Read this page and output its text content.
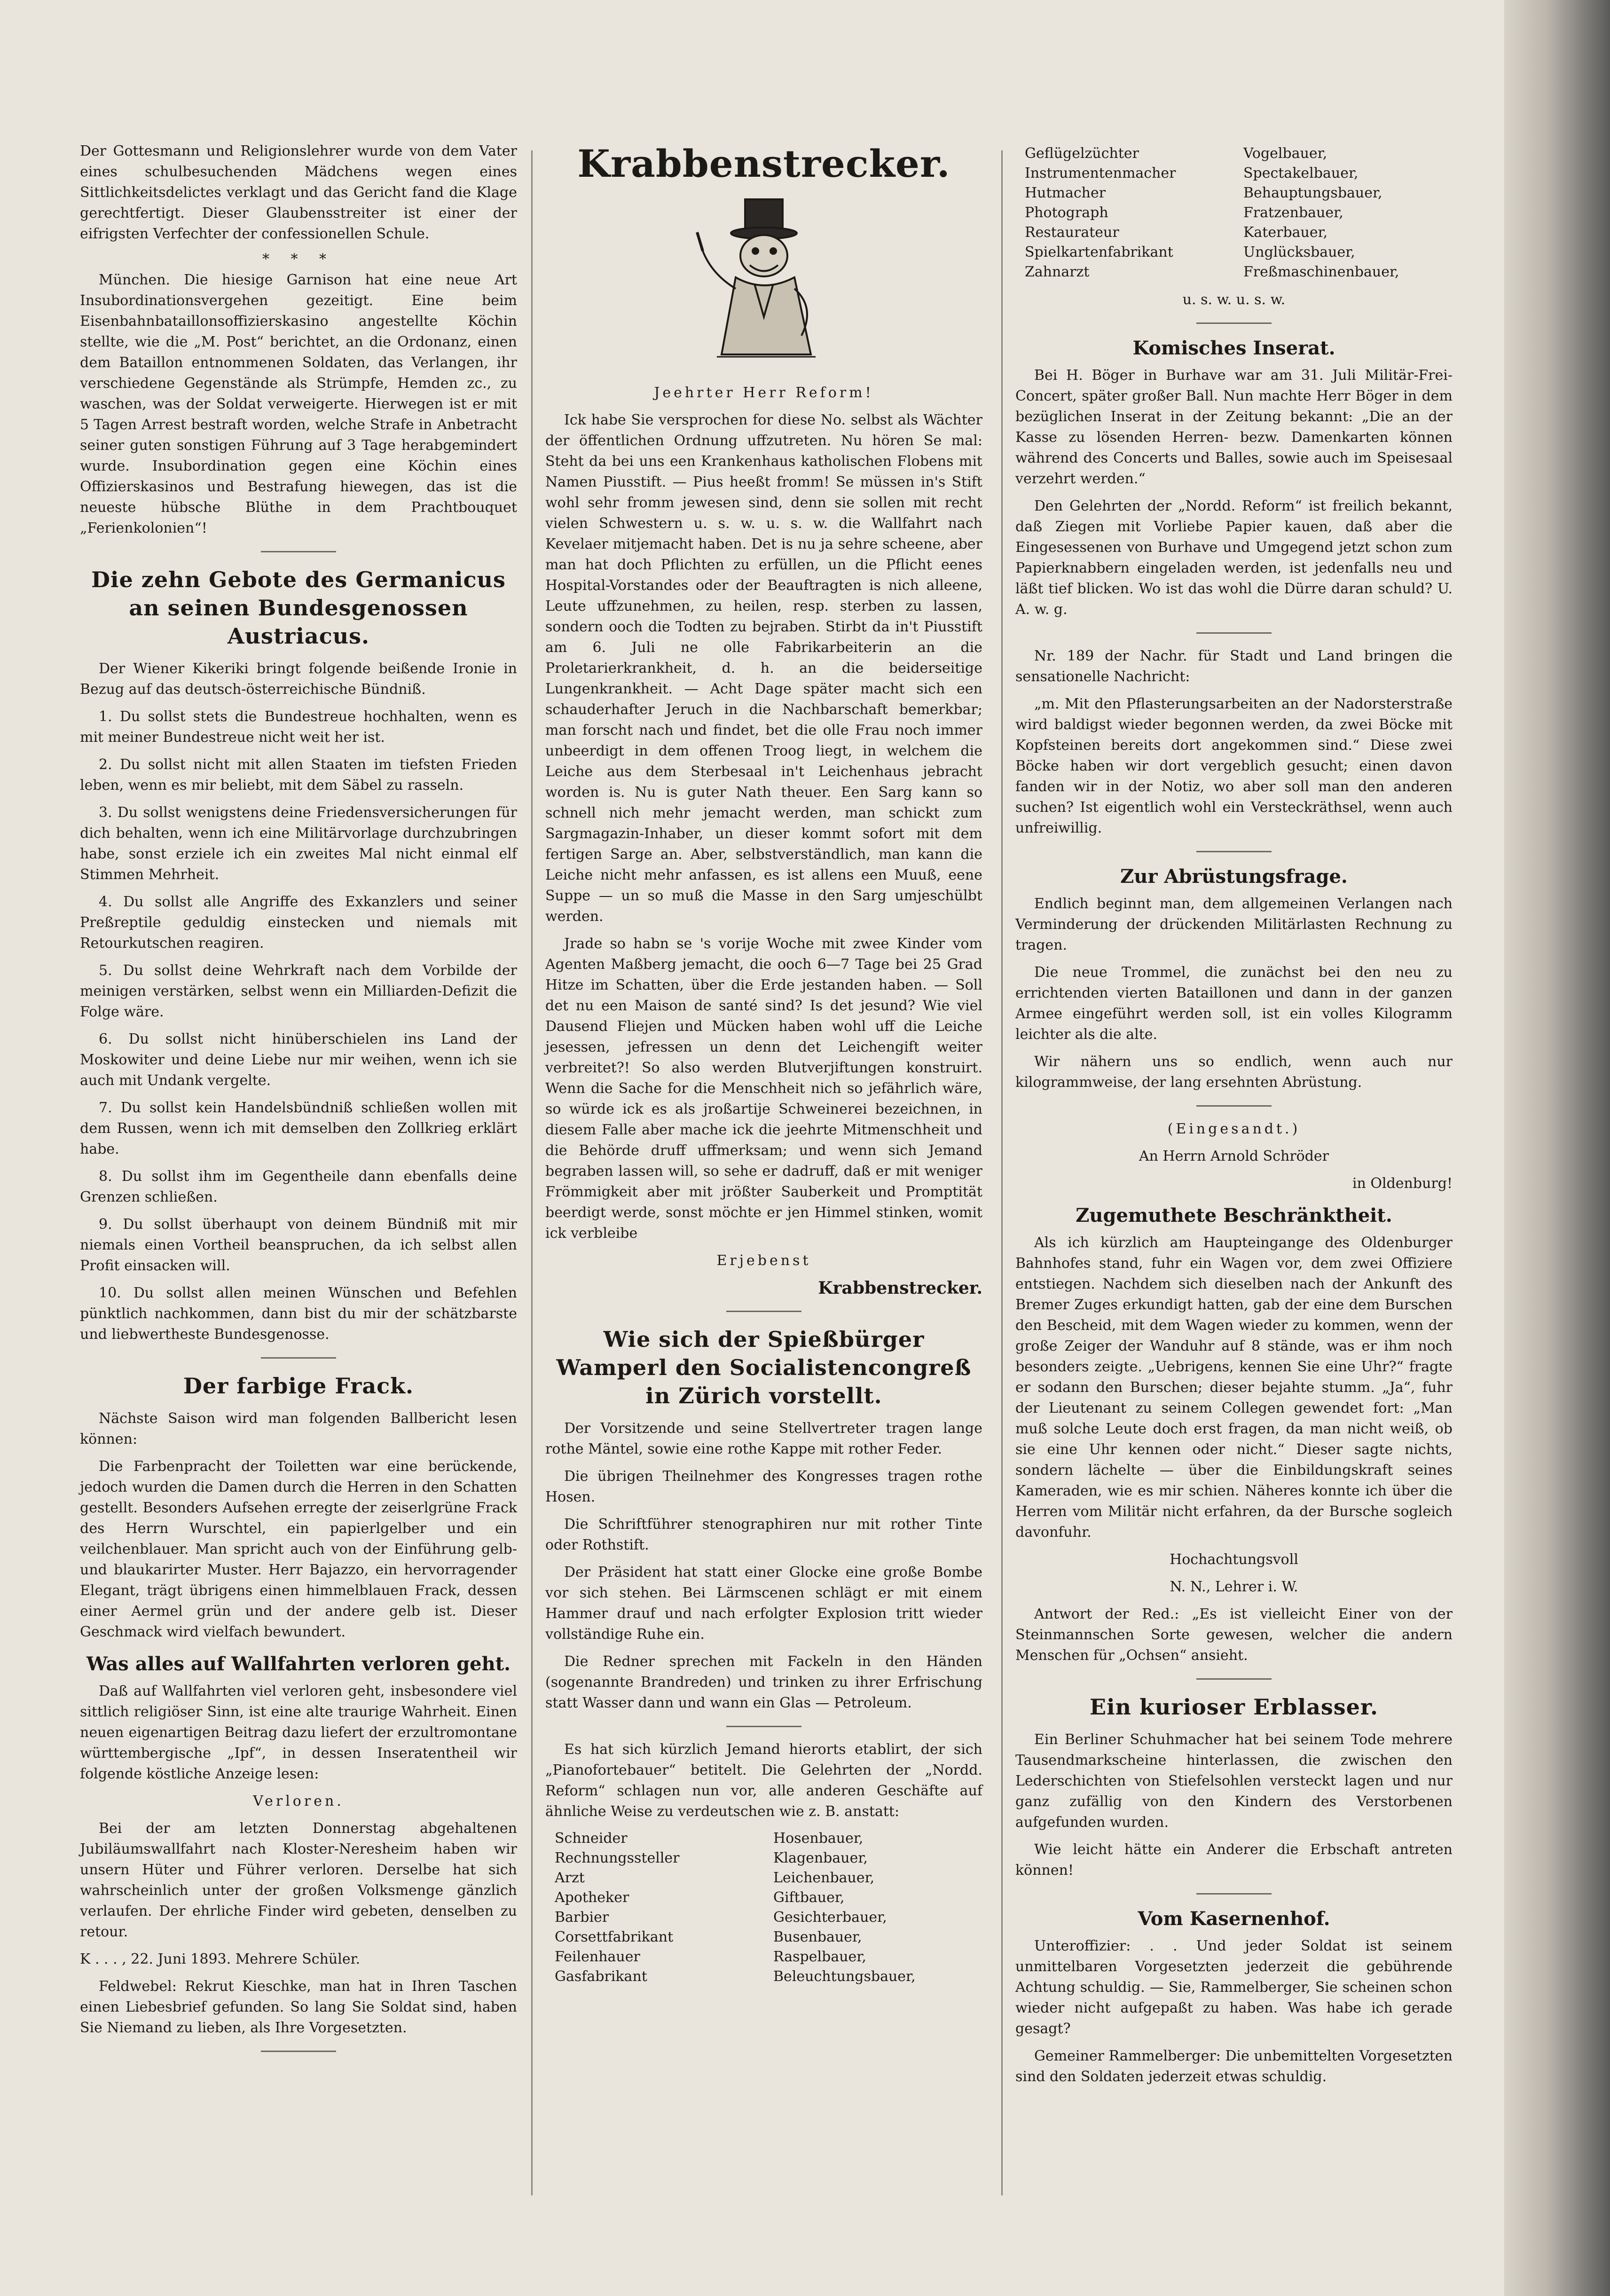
Der Gottesmann und Religionslehrer wurde von dem Vater eines schulbesuchenden Mädchens wegen eines Sittlichkeitsdelictes verklagt und das Gericht fand die Klage gerechtfertigt. Dieser Glaubensstreiter ist einer der eifrigsten Verfechter der confessionellen Schule.

* * *

München. Die hiesige Garnison hat eine neue Art Insubordinationsvergehen gezeitigt. Eine beim Eisenbahnbataillonsoffizierskasino angestellte Köchin stellte, wie die „M. Post“ berichtet, an die Ordonanz, einen dem Bataillon entnommenen Soldaten, das Verlangen, ihr verschiedene Gegenstände als Strümpfe, Hemden zc., zu waschen, was der Soldat verweigerte. Hierwegen ist er mit 5 Tagen Arrest bestraft worden, welche Strafe in Anbetracht seiner guten sonstigen Führung auf 3 Tage herabgemindert wurde. Insubordination gegen eine Köchin eines Offizierskasinos und Bestrafung hiewegen, das ist die neueste hübsche Blüthe in dem Prachtbouquet „Ferienkolonien“!

Die zehn Gebote des Germanicus an seinen Bundesgenossen Austriacus.

Der Wiener Kikeriki bringt folgende beißende Ironie in Bezug auf das deutsch-österreichische Bündniß.

1. Du sollst stets die Bundestreue hochhalten, wenn es mit meiner Bundestreue nicht weit her ist.

2. Du sollst nicht mit allen Staaten im tiefsten Frieden leben, wenn es mir beliebt, mit dem Säbel zu rasseln.

3. Du sollst wenigstens deine Friedensversicherungen für dich behalten, wenn ich eine Militärvorlage durchzubringen habe, sonst erziele ich ein zweites Mal nicht einmal elf Stimmen Mehrheit.

4. Du sollst alle Angriffe des Exkanzlers und seiner Preßreptile geduldig einstecken und niemals mit Retourkutschen reagiren.

5. Du sollst deine Wehrkraft nach dem Vorbilde der meinigen verstärken, selbst wenn ein Milliarden-Defizit die Folge wäre.

6. Du sollst nicht hinüberschielen ins Land der Moskowiter und deine Liebe nur mir weihen, wenn ich sie auch mit Undank vergelte.

7. Du sollst kein Handelsbündniß schließen wollen mit dem Russen, wenn ich mit demselben den Zollkrieg erklärt habe.

8. Du sollst ihm im Gegentheile dann ebenfalls deine Grenzen schließen.

9. Du sollst überhaupt von deinem Bündniß mit mir niemals einen Vortheil beanspruchen, da ich selbst allen Profit einsacken will.

10. Du sollst allen meinen Wünschen und Befehlen pünktlich nachkommen, dann bist du mir der schätzbarste und liebwertheste Bundesgenosse.

Der farbige Frack.

Nächste Saison wird man folgenden Ballbericht lesen können:

Die Farbenpracht der Toiletten war eine berückende, jedoch wurden die Damen durch die Herren in den Schatten gestellt. Besonders Aufsehen erregte der zeiserlgrüne Frack des Herrn Wurschtel, ein papierlgelber und ein veilchenblauer. Man spricht auch von der Einführung gelb- und blaukarirter Muster. Herr Bajazzo, ein hervorragender Elegant, trägt übrigens einen himmelblauen Frack, dessen einer Aermel grün und der andere gelb ist. Dieser Geschmack wird vielfach bewundert.

Was alles auf Wallfahrten verloren geht.

Daß auf Wallfahrten viel verloren geht, insbesondere viel sittlich religiöser Sinn, ist eine alte traurige Wahrheit. Einen neuen eigenartigen Beitrag dazu liefert der erzultromontane württembergische „Ipf“, in dessen Inseratentheil wir folgende köstliche Anzeige lesen:

Verloren.

Bei der am letzten Donnerstag abgehaltenen Jubiläumswallfahrt nach Kloster-Neresheim haben wir unsern Hüter und Führer verloren. Derselbe hat sich wahrscheinlich unter der großen Volksmenge gänzlich verlaufen. Der ehrliche Finder wird gebeten, denselben zu retour.

K . . . , 22. Juni 1893. Mehrere Schüler.

Feldwebel: Rekrut Kieschke, man hat in Ihren Taschen einen Liebesbrief gefunden. So lang Sie Soldat sind, haben Sie Niemand zu lieben, als Ihre Vorgesetzten.

Krabbenstrecker.

Jeehrter Herr Reform!

Ick habe Sie versprochen for diese No. selbst als Wächter der öffentlichen Ordnung uffzutreten. Nu hören Se mal: Steht da bei uns een Krankenhaus katholischen Flobens mit Namen Piusstift. — Pius heeßt fromm! Se müssen in's Stift wohl sehr fromm jewesen sind, denn sie sollen mit recht vielen Schwestern u. s. w. u. s. w. die Wallfahrt nach Kevelaer mitjemacht haben. Det is nu ja sehre scheene, aber man hat doch Pflichten zu erfüllen, un die Pflicht eenes Hospital-Vorstandes oder der Beauftragten is nich alleene, Leute uffzunehmen, zu heilen, resp. sterben zu lassen, sondern ooch die Todten zu bejraben. Stirbt da in't Piusstift am 6. Juli ne olle Fabrikarbeiterin an die Proletarierkrankheit, d. h. an die beiderseitige Lungenkrankheit. — Acht Dage später macht sich een schauderhafter Jeruch in die Nachbarschaft bemerkbar; man forscht nach und findet, bet die olle Frau noch immer unbeerdigt in dem offenen Troog liegt, in welchem die Leiche aus dem Sterbesaal in't Leichenhaus jebracht worden is. Nu is guter Nath theuer. Een Sarg kann so schnell nich mehr jemacht werden, man schickt zum Sargmagazin-Inhaber, un dieser kommt sofort mit dem fertigen Sarge an. Aber, selbstverständlich, man kann die Leiche nicht mehr anfassen, es ist allens een Muuß, eene Suppe — un so muß die Masse in den Sarg umjeschülbt werden.

Jrade so habn se 's vorije Woche mit zwee Kinder vom Agenten Maßberg jemacht, die ooch 6—7 Tage bei 25 Grad Hitze im Schatten, über die Erde jestanden haben. — Soll det nu een Maison de santé sind? Is det jesund? Wie viel Dausend Fliejen und Mücken haben wohl uff die Leiche jesessen, jefressen un denn det Leichengift weiter verbreitet?! So also werden Blutverjiftungen konstruirt. Wenn die Sache for die Menschheit nich so jefährlich wäre, so würde ick es als jroßartije Schweinerei bezeichnen, in diesem Falle aber mache ick die jeehrte Mitmenschheit und die Behörde druff uffmerksam; und wenn sich Jemand begraben lassen will, so sehe er dadruff, daß er mit weniger Frömmigkeit aber mit jrößter Sauberkeit und Promptität beerdigt werde, sonst möchte er jen Himmel stinken, womit ick verbleibe

Erjebenst

Krabbenstrecker.

Wie sich der Spießbürger Wamperl den Socialistencongreß in Zürich vorstellt.

Der Vorsitzende und seine Stellvertreter tragen lange rothe Mäntel, sowie eine rothe Kappe mit rother Feder.

Die übrigen Theilnehmer des Kongresses tragen rothe Hosen.

Die Schriftführer stenographiren nur mit rother Tinte oder Rothstift.

Der Präsident hat statt einer Glocke eine große Bombe vor sich stehen. Bei Lärmscenen schlägt er mit einem Hammer drauf und nach erfolgter Explosion tritt wieder vollständige Ruhe ein.

Die Redner sprechen mit Fackeln in den Händen (sogenannte Brandreden) und trinken zu ihrer Erfrischung statt Wasser dann und wann ein Glas — Petroleum.

Es hat sich kürzlich Jemand hierorts etablirt, der sich „Pianofortebauer“ betitelt. Die Gelehrten der „Nordd. Reform“ schlagen nun vor, alle anderen Geschäfte auf ähnliche Weise zu verdeutschen wie z. B. anstatt:

Schneider	Hosenbauer,
Rechnungssteller	Klagenbauer,
Arzt	Leichenbauer,
Apotheker	Giftbauer,
Barbier	Gesichterbauer,
Corsettfabrikant	Busenbauer,
Feilenhauer	Raspelbauer,
Gasfabrikant	Beleuchtungsbauer,
Geflügelzüchter	Vogelbauer,
Instrumentenmacher	Spectakelbauer,
Hutmacher	Behauptungsbauer,
Photograph	Fratzenbauer,
Restaurateur	Katerbauer,
Spielkartenfabrikant	Unglücksbauer,
Zahnarzt	Freßmaschinenbauer,

u. s. w. u. s. w.

Komisches Inserat.

Bei H. Böger in Burhave war am 31. Juli Militär-Frei-Concert, später großer Ball. Nun machte Herr Böger in dem bezüglichen Inserat in der Zeitung bekannt: „Die an der Kasse zu lösenden Herren- bezw. Damenkarten können während des Concerts und Balles, sowie auch im Speisesaal verzehrt werden.“

Den Gelehrten der „Nordd. Reform“ ist freilich bekannt, daß Ziegen mit Vorliebe Papier kauen, daß aber die Eingesessenen von Burhave und Umgegend jetzt schon zum Papierknabbern eingeladen werden, ist jedenfalls neu und läßt tief blicken. Wo ist das wohl die Dürre daran schuld? U. A. w. g.

Nr. 189 der Nachr. für Stadt und Land bringen die sensationelle Nachricht:

„m. Mit den Pflasterungsarbeiten an der Nadorsterstraße wird baldigst wieder begonnen werden, da zwei Böcke mit Kopfsteinen bereits dort angekommen sind.“ Diese zwei Böcke haben wir dort vergeblich gesucht; einen davon fanden wir in der Notiz, wo aber soll man den anderen suchen? Ist eigentlich wohl ein Versteckräthsel, wenn auch unfreiwillig.

Zur Abrüstungsfrage.

Endlich beginnt man, dem allgemeinen Verlangen nach Verminderung der drückenden Militärlasten Rechnung zu tragen.

Die neue Trommel, die zunächst bei den neu zu errichtenden vierten Bataillonen und dann in der ganzen Armee eingeführt werden soll, ist ein volles Kilogramm leichter als die alte.

Wir nähern uns so endlich, wenn auch nur kilogrammweise, der lang ersehnten Abrüstung.

(Eingesandt.)

An Herrn Arnold Schröder

in Oldenburg!

Zugemuthete Beschränktheit.

Als ich kürzlich am Haupteingange des Oldenburger Bahnhofes stand, fuhr ein Wagen vor, dem zwei Offiziere entstiegen. Nachdem sich dieselben nach der Ankunft des Bremer Zuges erkundigt hatten, gab der eine dem Burschen den Bescheid, mit dem Wagen wieder zu kommen, wenn der große Zeiger der Wanduhr auf 8 stände, was er ihm noch besonders zeigte. „Uebrigens, kennen Sie eine Uhr?“ fragte er sodann den Burschen; dieser bejahte stumm. „Ja“, fuhr der Lieutenant zu seinem Collegen gewendet fort: „Man muß solche Leute doch erst fragen, da man nicht weiß, ob sie eine Uhr kennen oder nicht.“ Dieser sagte nichts, sondern lächelte — über die Einbildungskraft seines Kameraden, wie es mir schien. Näheres konnte ich über die Herren vom Militär nicht erfahren, da der Bursche sogleich davonfuhr.

Hochachtungsvoll

N. N., Lehrer i. W.

Antwort der Red.: „Es ist vielleicht Einer von der Steinmannschen Sorte gewesen, welcher die andern Menschen für „Ochsen“ ansieht.

Ein kurioser Erblasser.

Ein Berliner Schuhmacher hat bei seinem Tode mehrere Tausendmarkscheine hinterlassen, die zwischen den Lederschichten von Stiefelsohlen versteckt lagen und nur ganz zufällig von den Kindern des Verstorbenen aufgefunden wurden.

Wie leicht hätte ein Anderer die Erbschaft antreten können!

Vom Kasernenhof.

Unteroffizier: . . Und jeder Soldat ist seinem unmittelbaren Vorgesetzten jederzeit die gebührende Achtung schuldig. — Sie, Rammelberger, Sie scheinen schon wieder nicht aufgepaßt zu haben. Was habe ich gerade gesagt?

Gemeiner Rammelberger: Die unbemittelten Vorgesetzten sind den Soldaten jederzeit etwas schuldig.
